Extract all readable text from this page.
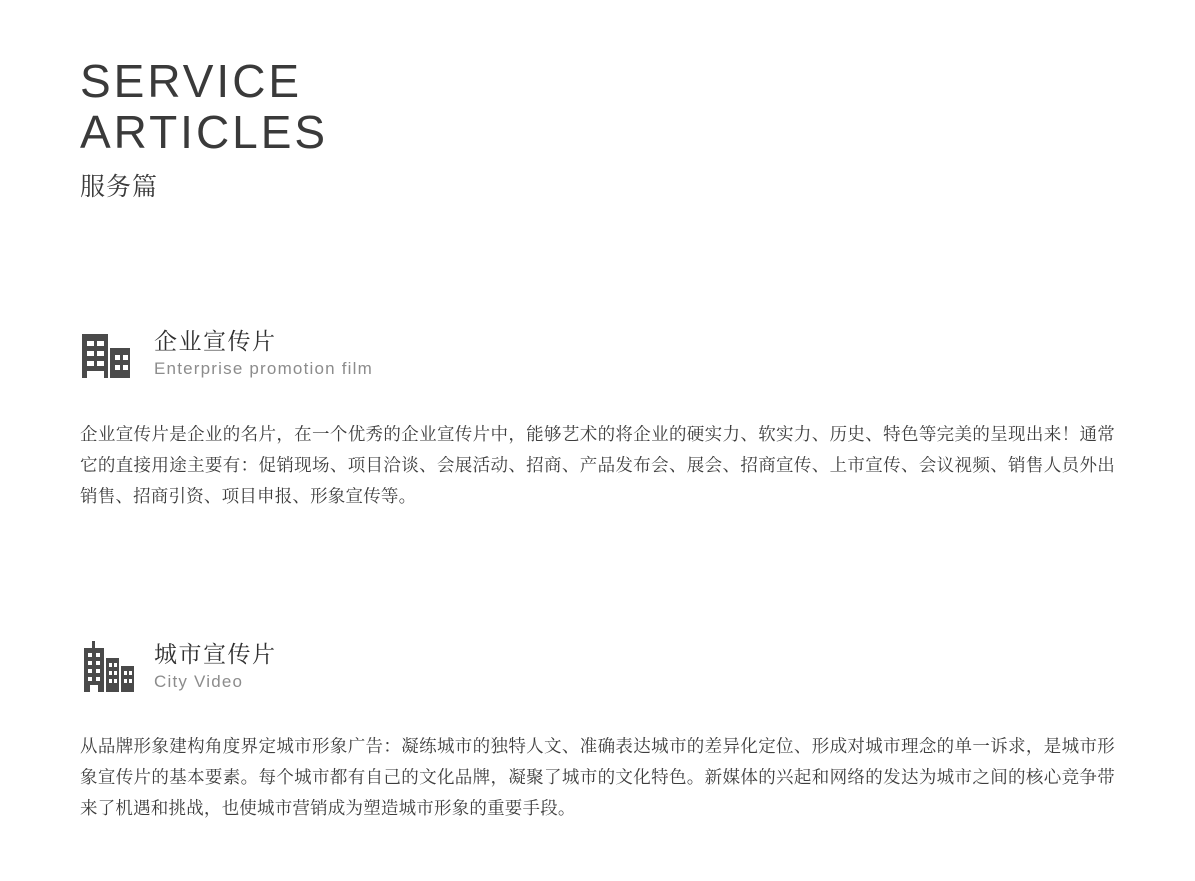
SERVICE
ARTICLES
服务篇
企业宣传片
Enterprise promotion film
企业宣传片是企业的名片，在一个优秀的企业宣传片中，能够艺术的将企业的硬实力、软实力、历史、特色等完美的呈现出来！通常它的直接用途主要有：促销现场、项目洽谈、会展活动、招商、产品发布会、展会、招商宣传、上市宣传、会议视频、销售人员外出销售、招商引资、项目申报、形象宣传等。
城市宣传片
City Video
从品牌形象建构角度界定城市形象广告：凝练城市的独特人文、准确表达城市的差异化定位、形成对城市理念的单一诉求，是城市形象宣传片的基本要素。每个城市都有自己的文化品牌，凝聚了城市的文化特色。新媒体的兴起和网络的发达为城市之间的核心竞争带来了机遇和挑战，也使城市营销成为塑造城市形象的重要手段。
